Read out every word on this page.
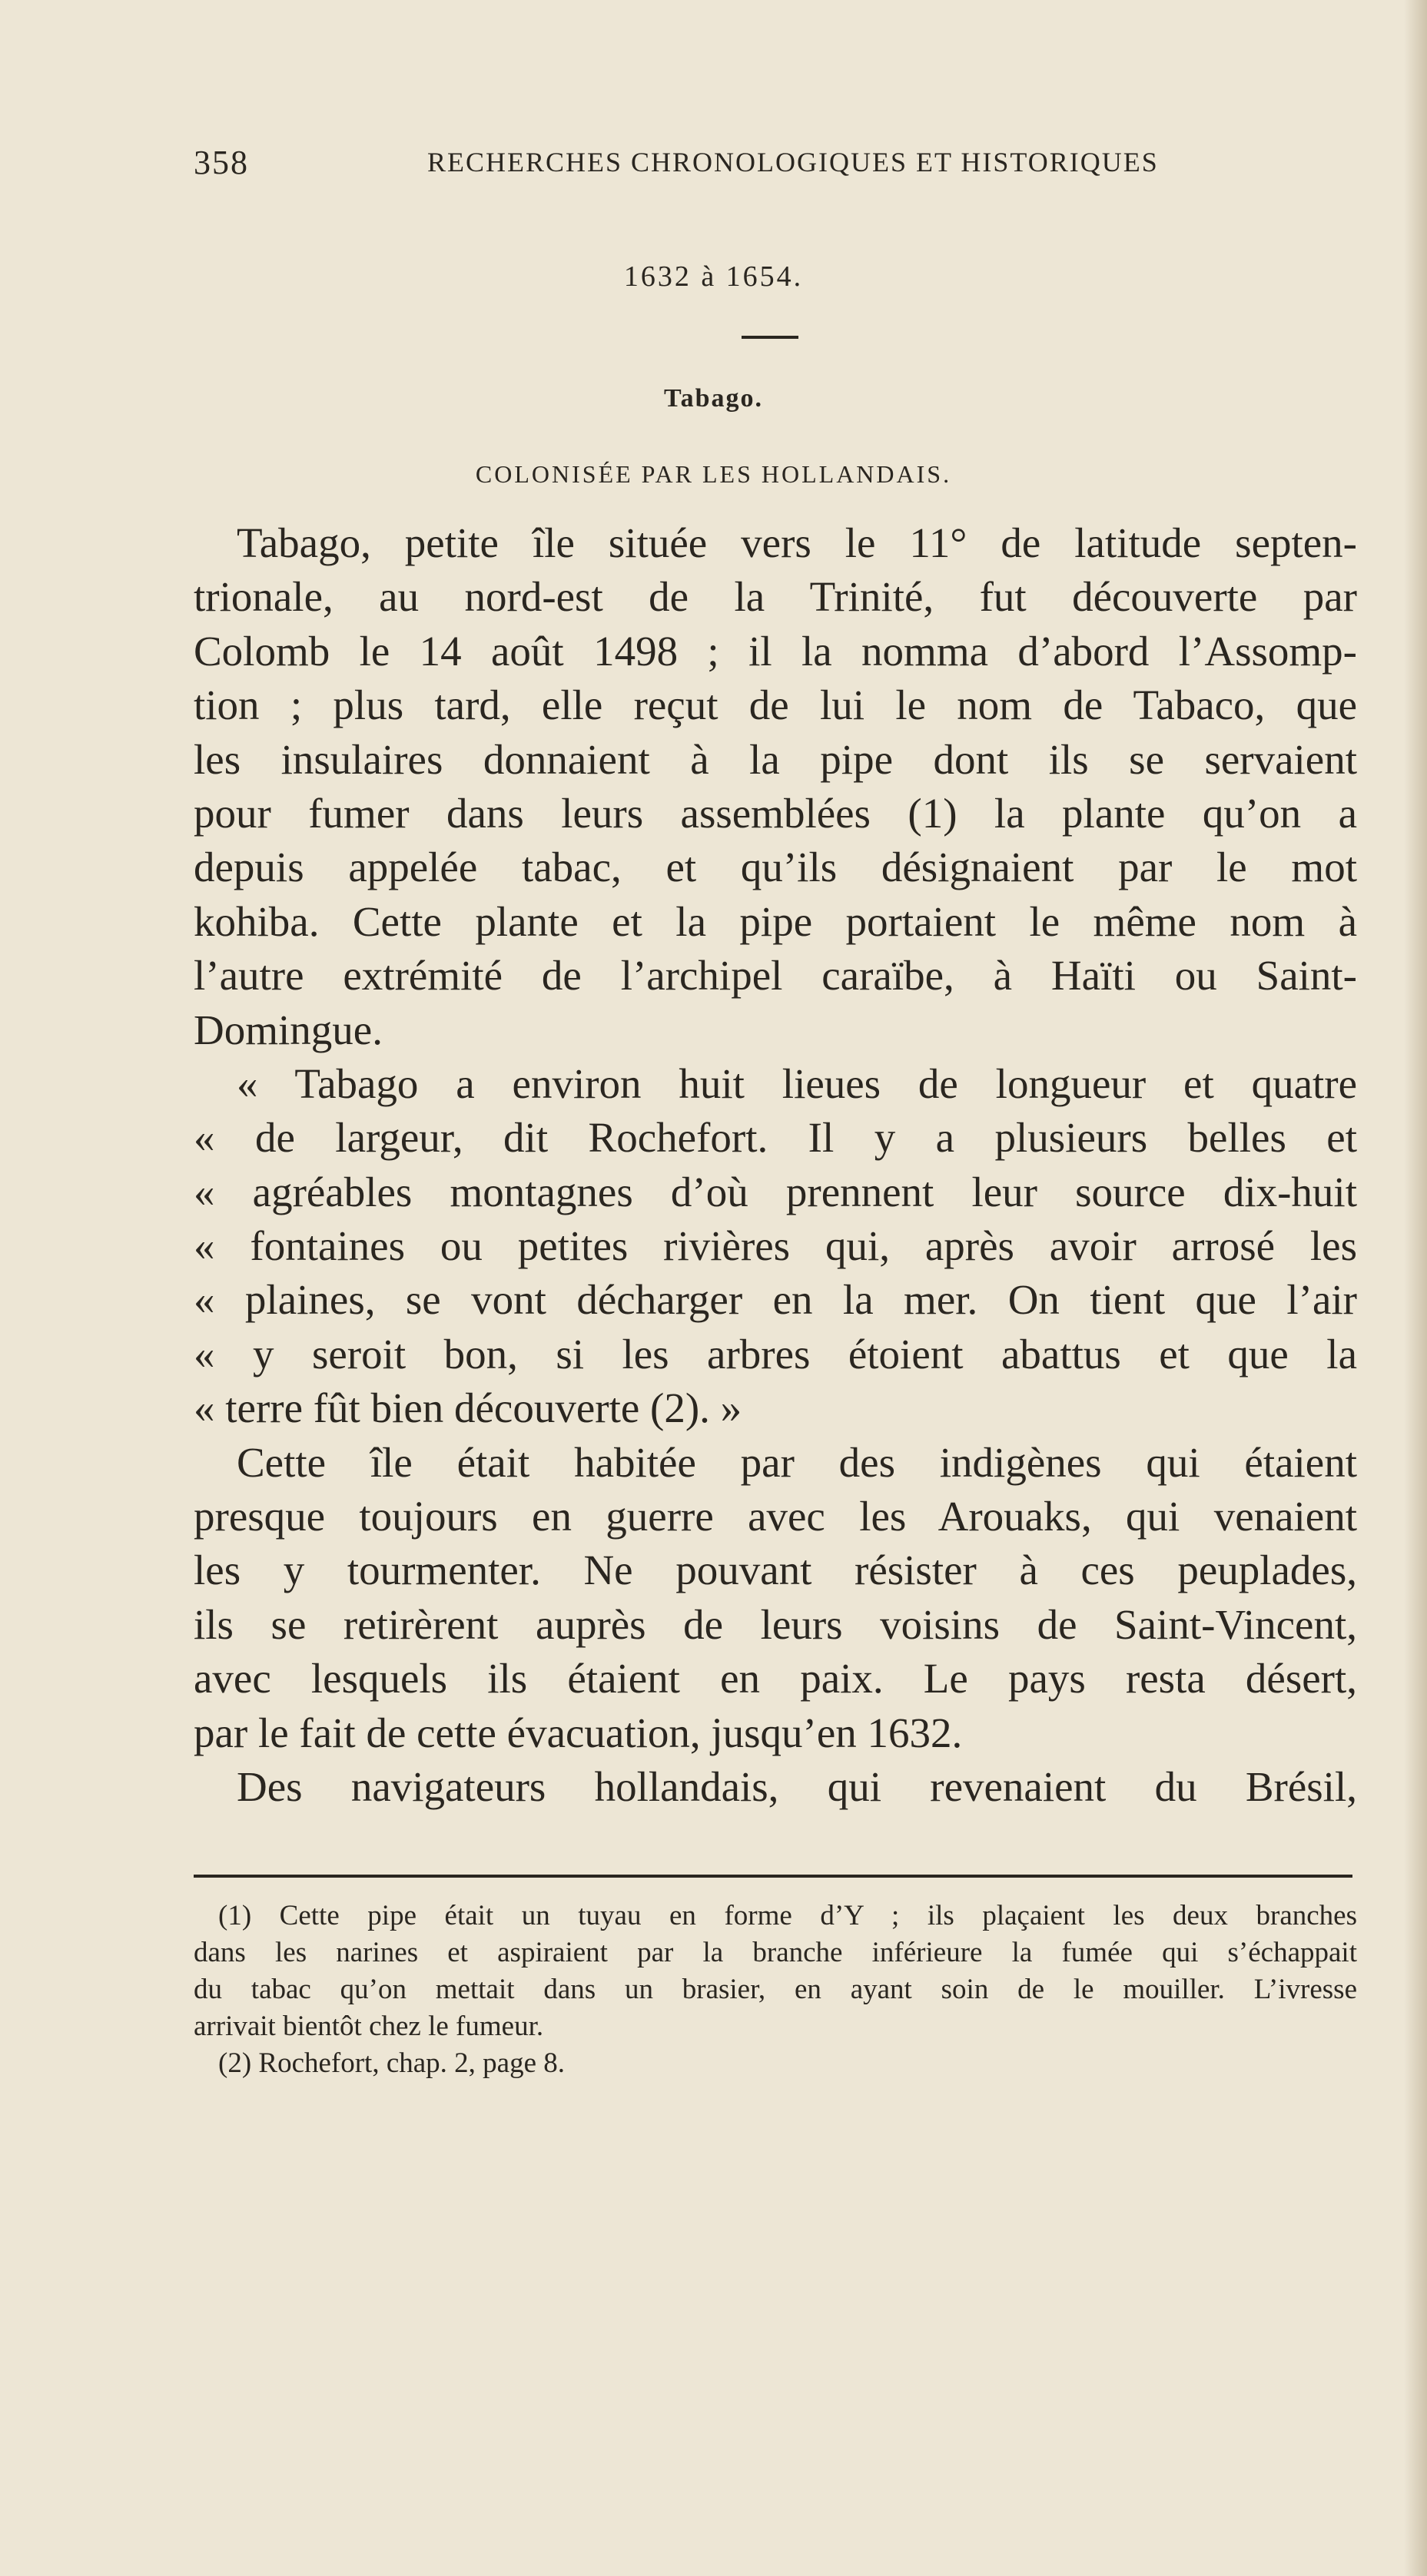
358	RECHERCHES CHRONOLOGIQUES ET HISTORIQUES
1632 à 1654.
Tabago.
COLONISÉE PAR LES HOLLANDAIS.
Tabago, petite île située vers le 11° de latitude septen-
trionale, au nord-est de la Trinité, fut découverte par
Colomb le 14 août 1498 ; il la nomma d’abord l’Assomp-
tion ; plus tard, elle reçut de lui le nom de Tabaco, que
les insulaires donnaient à la pipe dont ils se servaient
pour fumer dans leurs assemblées (1) la plante qu’on a
depuis appelée tabac, et qu’ils désignaient par le mot
kohiba. Cette plante et la pipe portaient le même nom à
l’autre extrémité de l’archipel caraïbe, à Haïti ou Saint-
Domingue.
« Tabago a environ huit lieues de longueur et quatre
« de largeur, dit Rochefort. Il y a plusieurs belles et
« agréables montagnes d’où prennent leur source dix-huit
« fontaines ou petites rivières qui, après avoir arrosé les
« plaines, se vont décharger en la mer. On tient que l’air
« y seroit bon, si les arbres étoient abattus et que la
« terre fût bien découverte (2). »
Cette île était habitée par des indigènes qui étaient
presque toujours en guerre avec les Arouaks, qui venaient
les y tourmenter. Ne pouvant résister à ces peuplades,
ils se retirèrent auprès de leurs voisins de Saint-Vincent,
avec lesquels ils étaient en paix. Le pays resta désert,
par le fait de cette évacuation, jusqu’en 1632.
Des navigateurs hollandais, qui revenaient du Brésil,
(1) Cette pipe était un tuyau en forme d’Y ; ils plaçaient les deux branches
dans les narines et aspiraient par la branche inférieure la fumée qui s’échappait
du tabac qu’on mettait dans un brasier, en ayant soin de le mouiller. L’ivresse
arrivait bientôt chez le fumeur.
(2) Rochefort, chap. 2, page 8.
